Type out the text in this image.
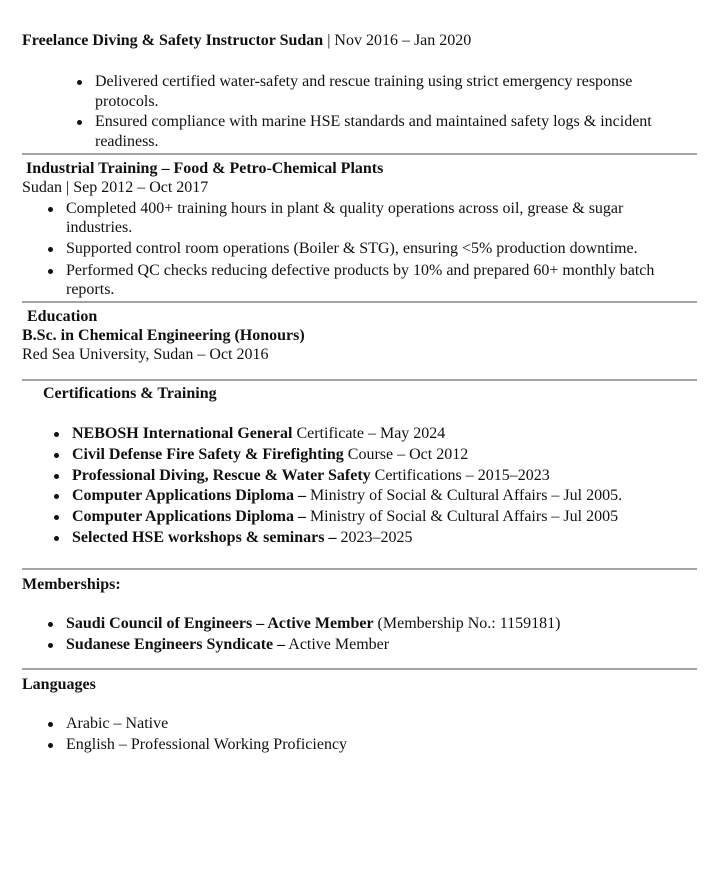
Freelance Diving & Safety Instructor Sudan | Nov 2016 – Jan 2020
Delivered certified water-safety and rescue training using strict emergency response
protocols.
Ensured compliance with marine HSE standards and maintained safety logs & incident
readiness.
Industrial Training – Food & Petro-Chemical Plants
Sudan | Sep 2012 – Oct 2017
Completed 400+ training hours in plant & quality operations across oil, grease & sugar
industries.
Supported control room operations (Boiler & STG), ensuring <5% production downtime.
Performed QC checks reducing defective products by 10% and prepared 60+ monthly batch
reports.
Education
B.Sc. in Chemical Engineering (Honours)
Red Sea University, Sudan – Oct 2016
Certifications & Training
NEBOSH International General Certificate – May 2024
Civil Defense Fire Safety & Firefighting Course – Oct 2012
Professional Diving, Rescue & Water Safety Certifications – 2015–2023
Computer Applications Diploma – Ministry of Social & Cultural Affairs – Jul 2005.
Computer Applications Diploma – Ministry of Social & Cultural Affairs – Jul 2005
Selected HSE workshops & seminars – 2023–2025
Memberships:
Saudi Council of Engineers – Active Member (Membership No.: 1159181)
Sudanese Engineers Syndicate – Active Member
Languages
Arabic – Native
English – Professional Working Proficiency
